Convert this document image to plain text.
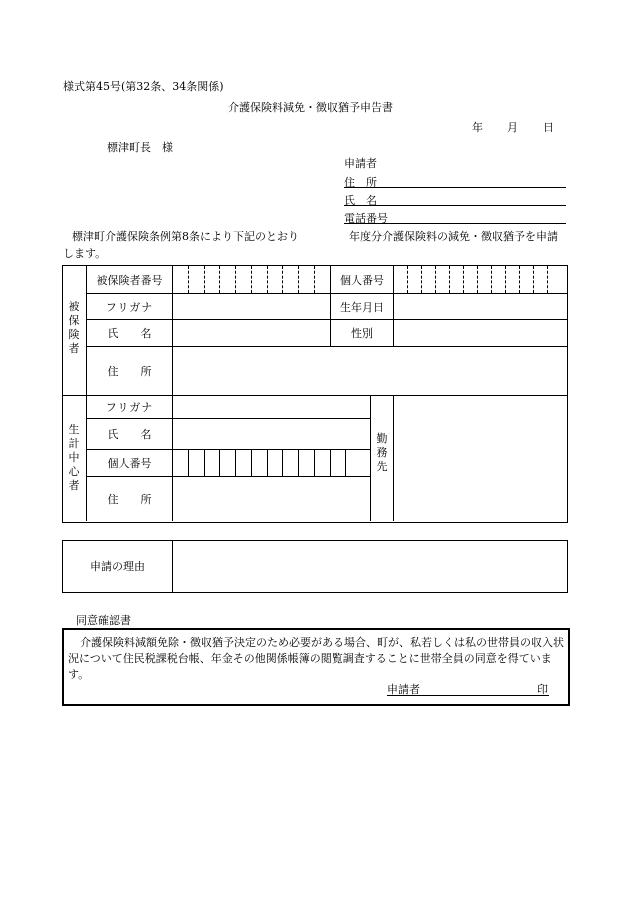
様式第45号(第32条、34条関係)
介護保険料減免・徴収猶予申告書
年 月 日
標津町長　様
申請者
住　所
氏　名
電話番号
標津町介護保険条例第8条により下記のとおり	年度分介護保険料の減免・徴収猶予を申請
します。
被保険者
生計中心者
被保険者番号	個人番号
フリガナ	生年月日
氏　　名	性別
住　　所
フリガナ
氏　　名
個人番号
住　　所
勤務先
申請の理由
同意確認書
介護保険料減額免除・徴収猶予決定のため必要がある場合、町が、私若しくは私の世帯員の収入状況について住民税課税台帳、年金その他関係帳簿の閲覧調査することに世帯全員の同意を得ています。
申請者	印
